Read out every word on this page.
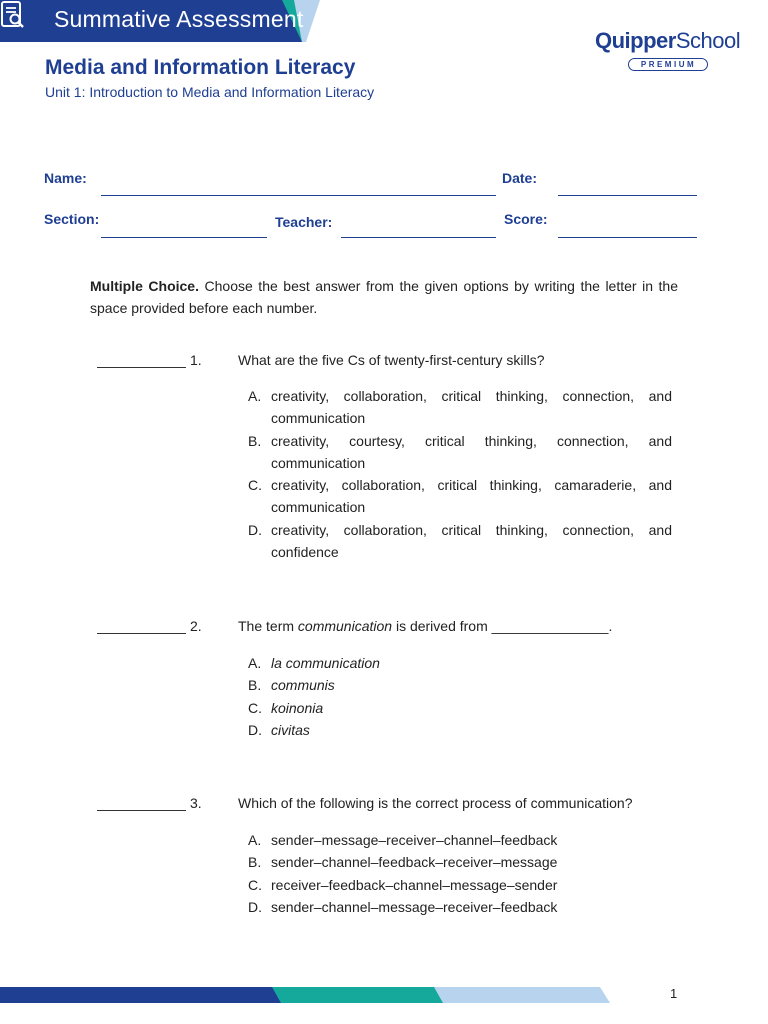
Summative Assessment
QuipperSchool
PREMIUM
Media and Information Literacy
Unit 1: Introduction to Media and Information Literacy
Name:	Date:
Section:	Teacher:	Score:
Multiple Choice. Choose the best answer from the given options by writing the letter in the space provided before each number.
1.	What are the five Cs of twenty-first-century skills?
A. creativity, collaboration, critical thinking, connection, and communication
B. creativity, courtesy, critical thinking, connection, and communication
C. creativity, collaboration, critical thinking, camaraderie, and communication
D. creativity, collaboration, critical thinking, connection, and confidence
2.	The term communication is derived from _______________.
A. la communication
B. communis
C. koinonia
D. civitas
3.	Which of the following is the correct process of communication?
A. sender–message–receiver–channel–feedback
B. sender–channel–feedback–receiver–message
C. receiver–feedback–channel–message–sender
D. sender–channel–message–receiver–feedback
1
